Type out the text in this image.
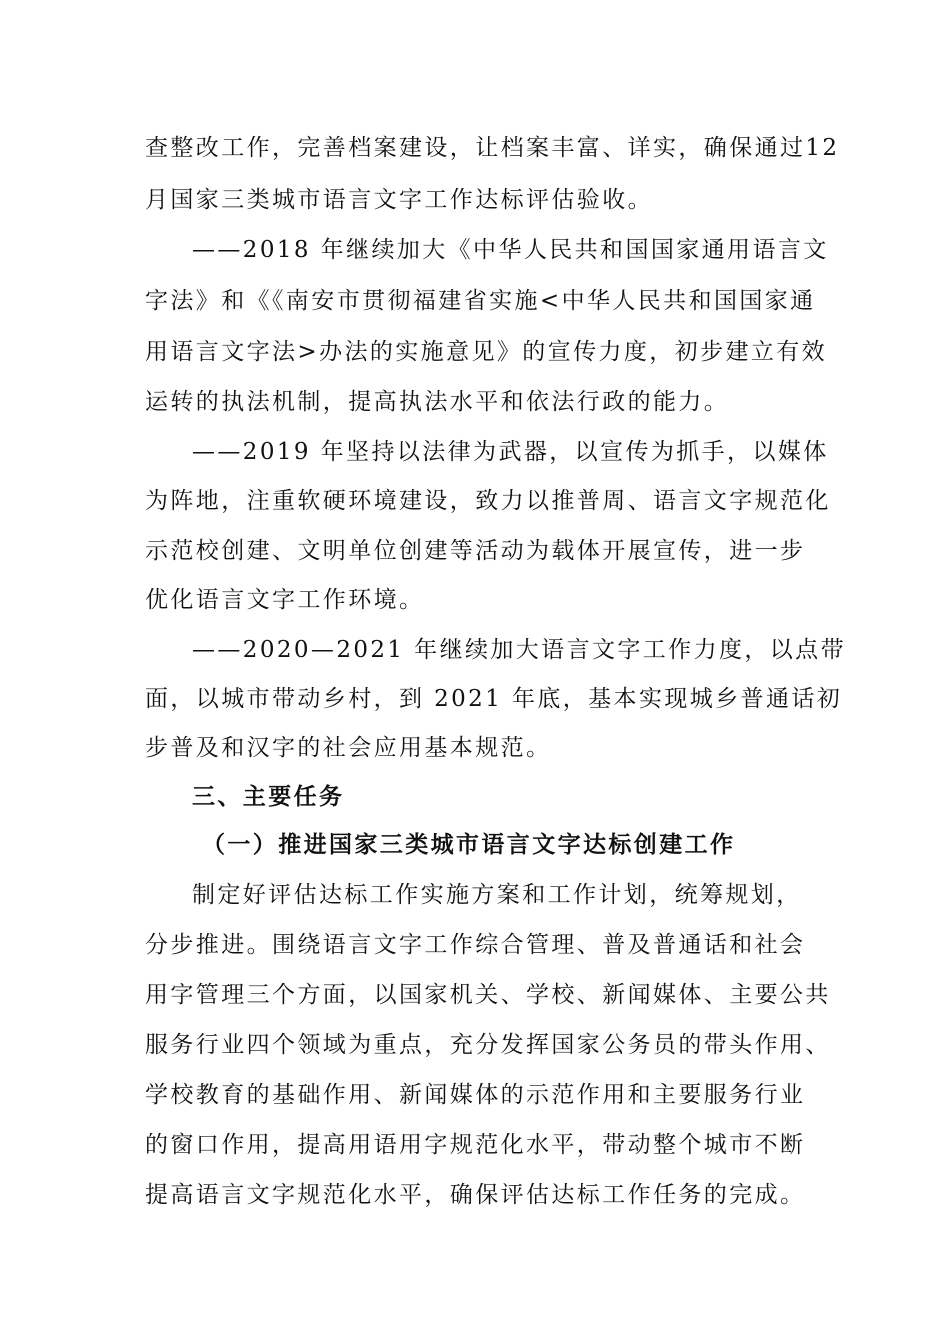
查整改工作，完善档案建设，让档案丰富、详实，确保通过12
月国家三类城市语言文字工作达标评估验收。
——2018 年继续加大《中华人民共和国国家通用语言文
字法》和《《南安市贯彻福建省实施<中华人民共和国国家通
用语言文字法>办法的实施意见》的宣传力度，初步建立有效
运转的执法机制，提高执法水平和依法行政的能力。
——2019 年坚持以法律为武器，以宣传为抓手，以媒体
为阵地，注重软硬环境建设，致力以推普周、语言文字规范化
示范校创建、文明单位创建等活动为载体开展宣传，进一步
优化语言文字工作环境。
——2020—2021 年继续加大语言文字工作力度，以点带
面，以城市带动乡村，到 2021 年底，基本实现城乡普通话初
步普及和汉字的社会应用基本规范。
三、主要任务
（一）推进国家三类城市语言文字达标创建工作
制定好评估达标工作实施方案和工作计划，统筹规划，
分步推进。围绕语言文字工作综合管理、普及普通话和社会
用字管理三个方面，以国家机关、学校、新闻媒体、主要公共
服务行业四个领域为重点，充分发挥国家公务员的带头作用、
学校教育的基础作用、新闻媒体的示范作用和主要服务行业
的窗口作用，提高用语用字规范化水平，带动整个城市不断
提高语言文字规范化水平，确保评估达标工作任务的完成。
